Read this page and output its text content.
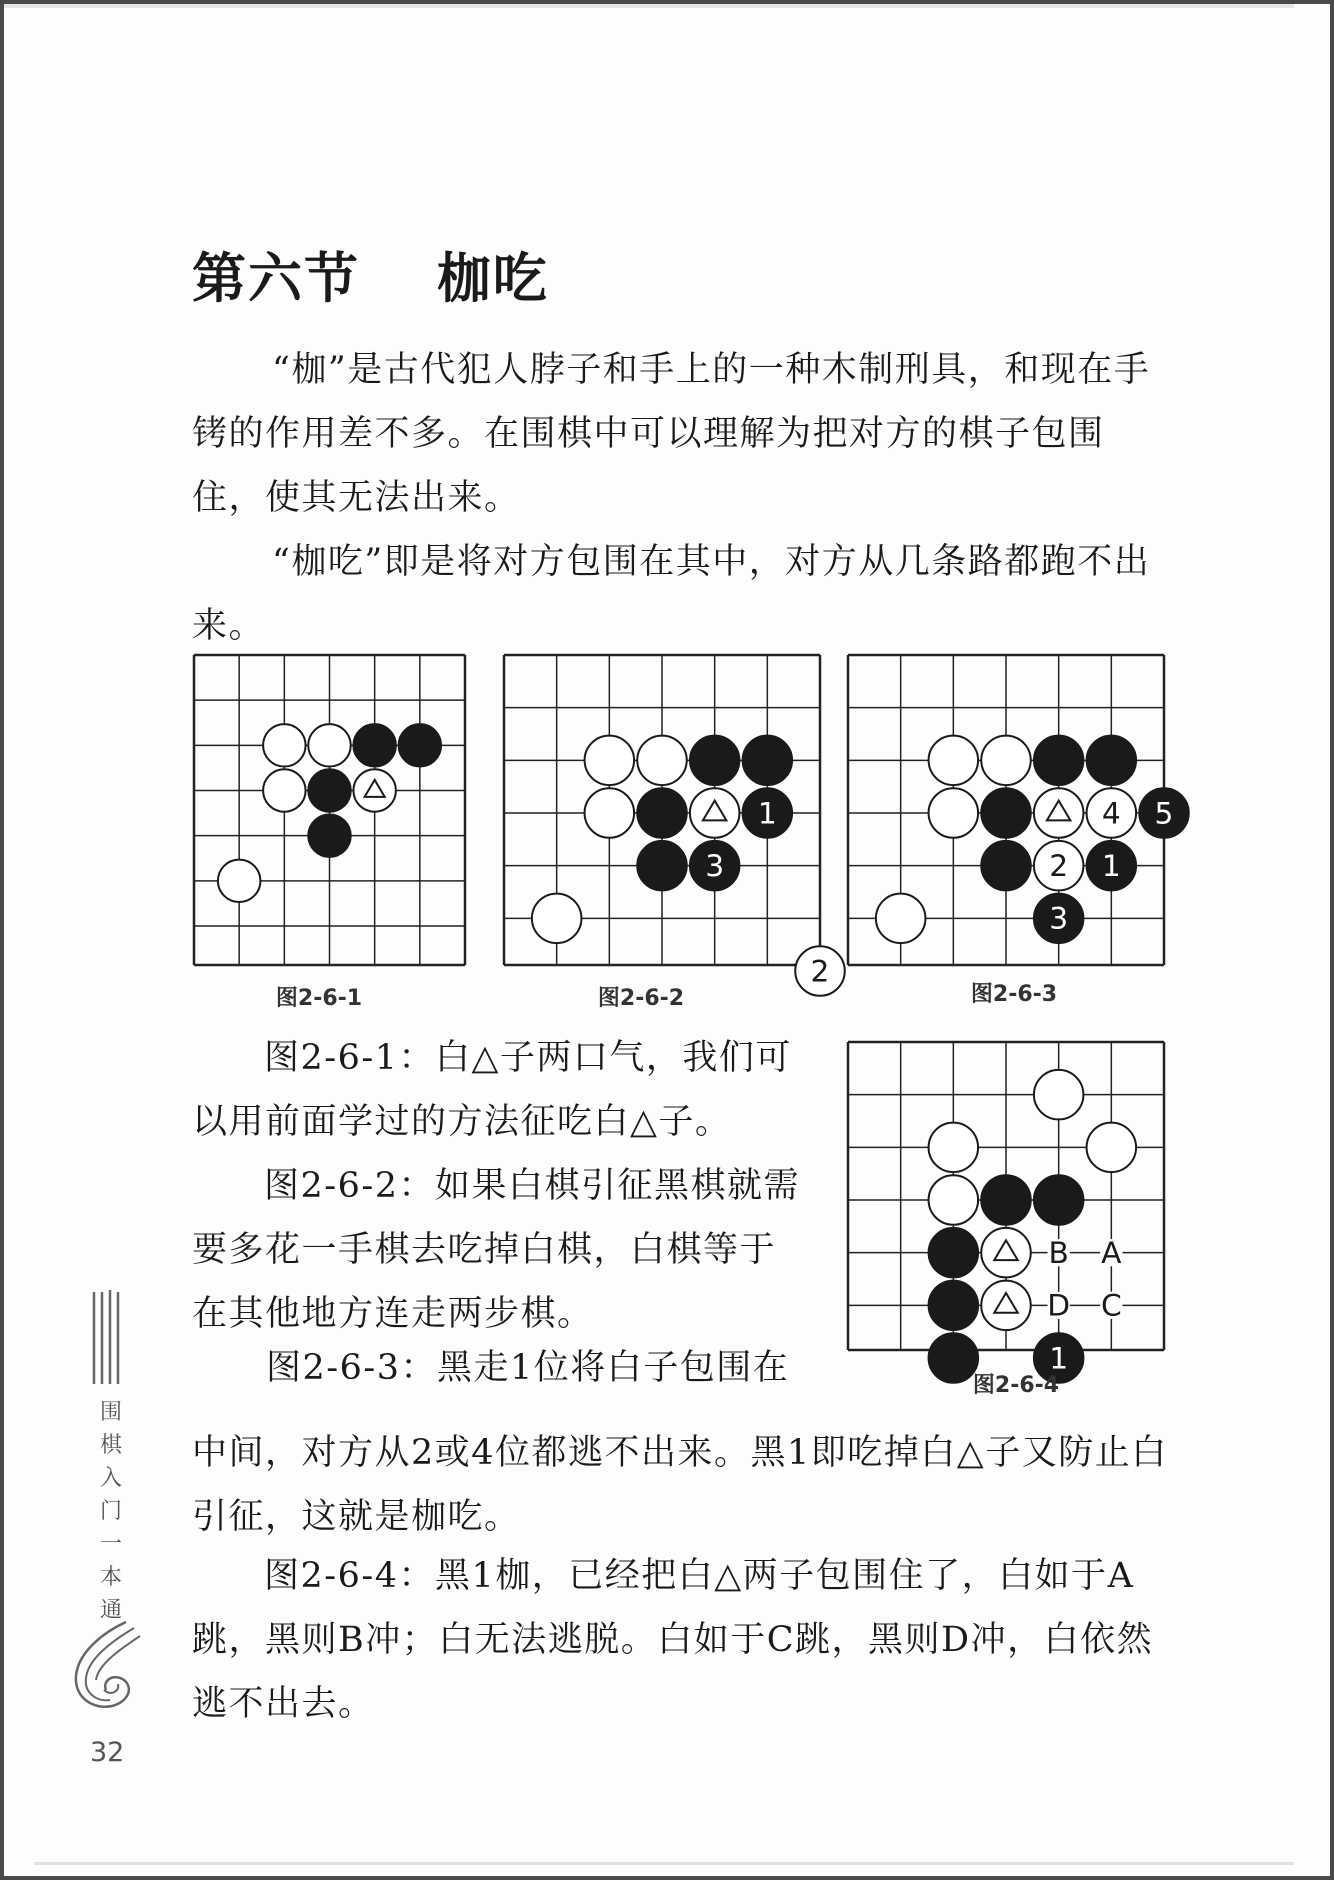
第六节　 枷吃

“枷”是古代犯人脖子和手上的一种木制刑具，和现在手铐的作用差不多。在围棋中可以理解为把对方的棋子包围住，使其无法出来。

“枷吃”即是将对方包围在其中，对方从几条路都跑不出来。

1
3
2
4 5
2 1
3
1
B A
D C
图2-6-1	图2-6-2	图2-6-3
图2-6-4

图2-6-1：白△子两口气，我们可以用前面学过的方法征吃白△子。

图2-6-2：如果白棋引征黑棋就需要多花一手棋去吃掉白棋，白棋等于在其他地方连走两步棋。

图2-6-3：黑走1位将白子包围在

中间，对方从2或4位都逃不出来。黑1即吃掉白△子又防止白引征，这就是枷吃。

图2-6-4：黑1枷，已经把白△两子包围住了，白如于A跳，黑则B冲；白无法逃脱。白如于C跳，黑则D冲，白依然逃不出去。

围
棋
入
门
一
本
通
32
